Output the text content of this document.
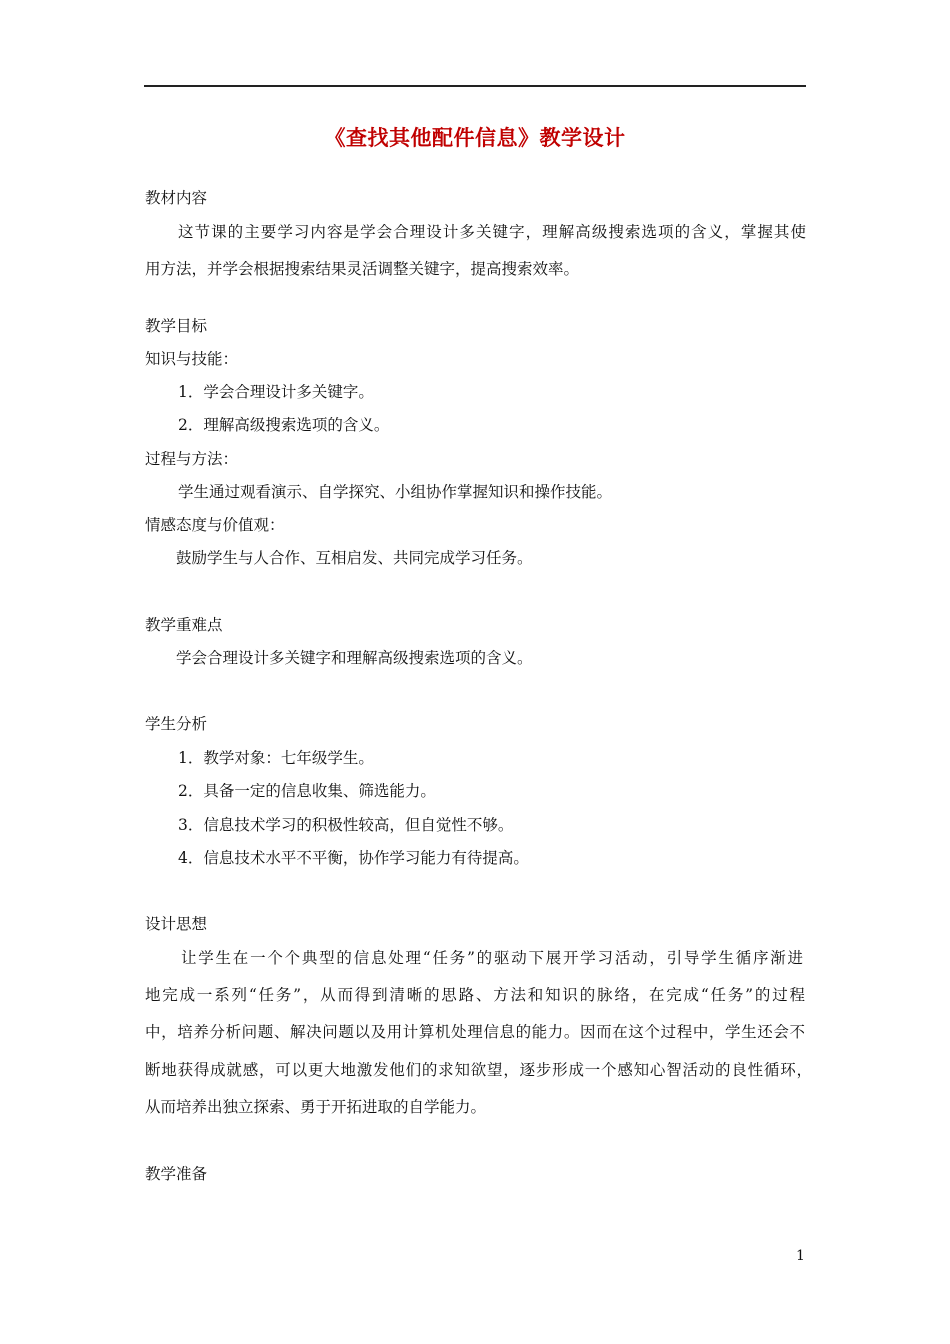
《查找其他配件信息》教学设计
教材内容
这节课的主要学习内容是学会合理设计多关键字，理解高级搜索选项的含义，掌握其使
用方法，并学会根据搜索结果灵活调整关键字，提高搜索效率。
教学目标
知识与技能：
1．学会合理设计多关键字。
2．理解高级搜索选项的含义。
过程与方法：
学生通过观看演示、自学探究、小组协作掌握知识和操作技能。
情感态度与价值观：
鼓励学生与人合作、互相启发、共同完成学习任务。
教学重难点
学会合理设计多关键字和理解高级搜索选项的含义。
学生分析
1．教学对象：七年级学生。
2．具备一定的信息收集、筛选能力。
3．信息技术学习的积极性较高，但自觉性不够。
4．信息技术水平不平衡，协作学习能力有待提高。
设计思想
让学生在一个个典型的信息处理“任务”的驱动下展开学习活动，引导学生循序渐进
地完成一系列“任务”，从而得到清晰的思路、方法和知识的脉络，在完成“任务”的过程
中，培养分析问题、解决问题以及用计算机处理信息的能力。因而在这个过程中，学生还会不
断地获得成就感，可以更大地激发他们的求知欲望，逐步形成一个感知心智活动的良性循环，
从而培养出独立探索、勇于开拓进取的自学能力。
教学准备
1
